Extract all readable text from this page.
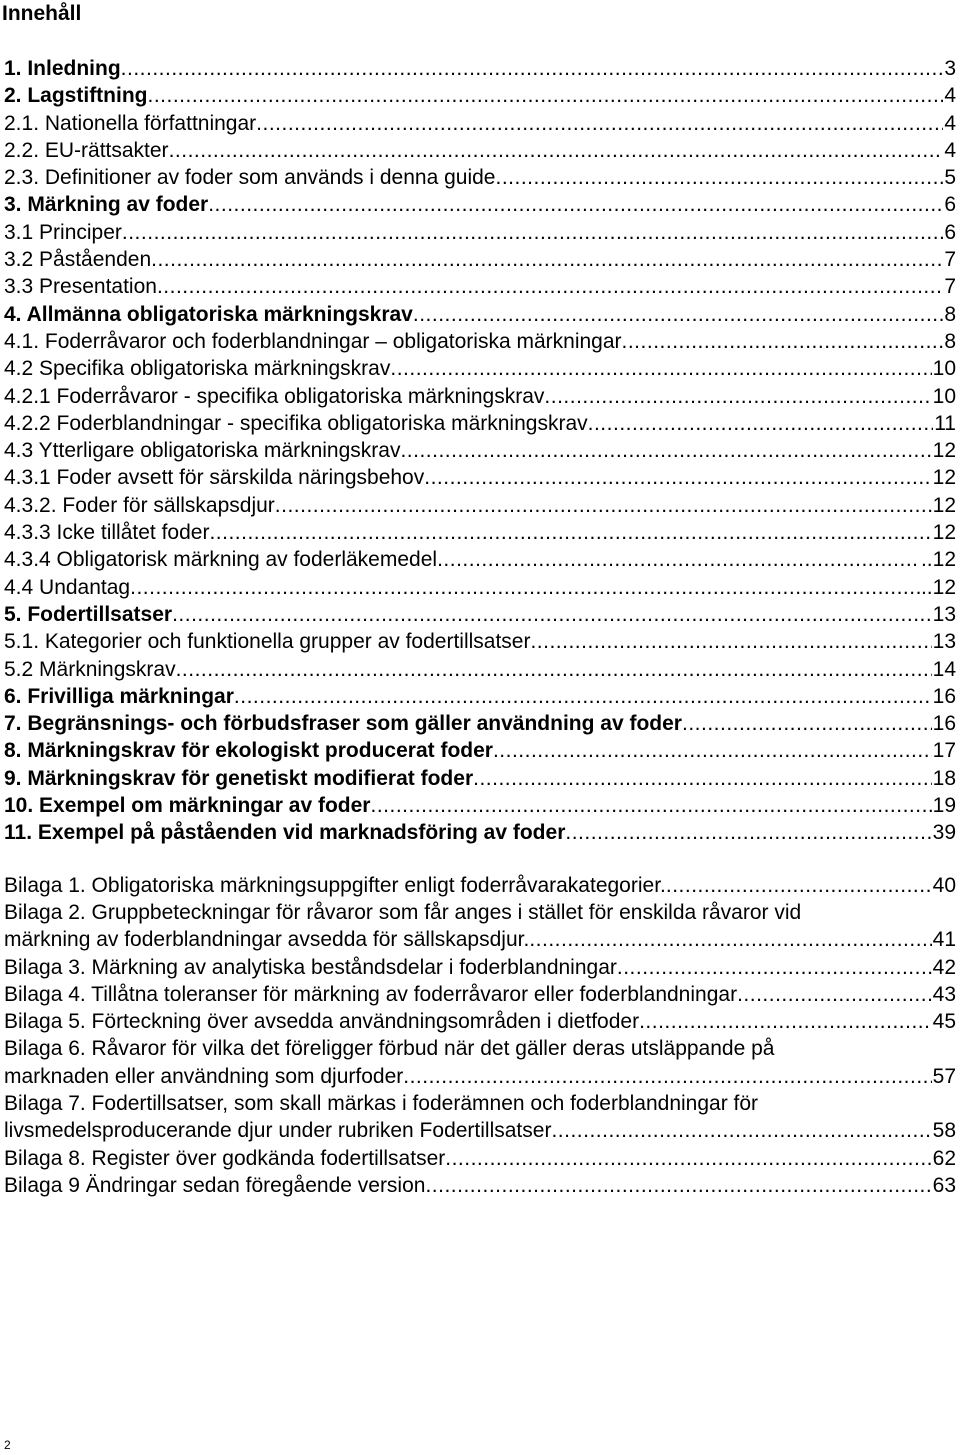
Innehåll
1. Inledning .....	3
2. Lagstiftning .....	4
2.1. Nationella författningar .....	4
2.2. EU-rättsakter .....	4
2.3. Definitioner av foder som används i denna guide .....	5
3. Märkning av foder .....	6
3.1 Principer .....	6
3.2 Påståenden .....	7
3.3 Presentation .....	7
4. Allmänna obligatoriska märkningskrav .....	8
4.1. Foderråvaror och foderblandningar – obligatoriska märkningar .....	8
4.2 Specifika obligatoriska märkningskrav .....	10
4.2.1 Foderråvaror - specifika obligatoriska märkningskrav .....	10
4.2.2 Foderblandningar - specifika obligatoriska märkningskrav .....	11
4.3 Ytterligare obligatoriska märkningskrav .....	12
4.3.1 Foder avsett för särskilda näringsbehov .....	12
4.3.2. Foder för sällskapsdjur .....	12
4.3.3 Icke tillåtet foder .....	12
4.3.4 Obligatorisk märkning av foderläkemedel .....	..12
4.4 Undantag .....	..12
5. Fodertillsatser .....	13
5.1. Kategorier och funktionella grupper av fodertillsatser .....	13
5.2 Märkningskrav .....	14
6. Frivilliga märkningar .....	16
7. Begränsnings- och förbudsfraser som gäller användning av foder .....	16
8. Märkningskrav för ekologiskt producerat foder .....	17
9. Märkningskrav för genetiskt modifierat foder .....	18
10. Exempel om märkningar av foder .....	19
11. Exempel på påståenden vid marknadsföring av foder .....	39
Bilaga 1. Obligatoriska märkningsuppgifter enligt foderråvarakategorier. .....	40
Bilaga 2. Gruppbeteckningar för råvaror som får anges i stället för enskilda råvaror vid
märkning av foderblandningar avsedda för sällskapsdjur. .....	41
Bilaga 3. Märkning av analytiska beståndsdelar i foderblandningar .....	42
Bilaga 4. Tillåtna toleranser för märkning av foderråvaror eller foderblandningar .....	43
Bilaga 5. Förteckning över avsedda användningsområden i dietfoder .....	45
Bilaga 6. Råvaror för vilka det föreligger förbud när det gäller deras utsläppande på
marknaden eller användning som djurfoder .....	57
Bilaga 7. Fodertillsatser, som skall märkas i foderämnen och foderblandningar för
livsmedelsproducerande djur under rubriken Fodertillsatser .....	58
Bilaga 8. Register över godkända fodertillsatser .....	62
Bilaga 9 Ändringar sedan föregående version .....	63
2
